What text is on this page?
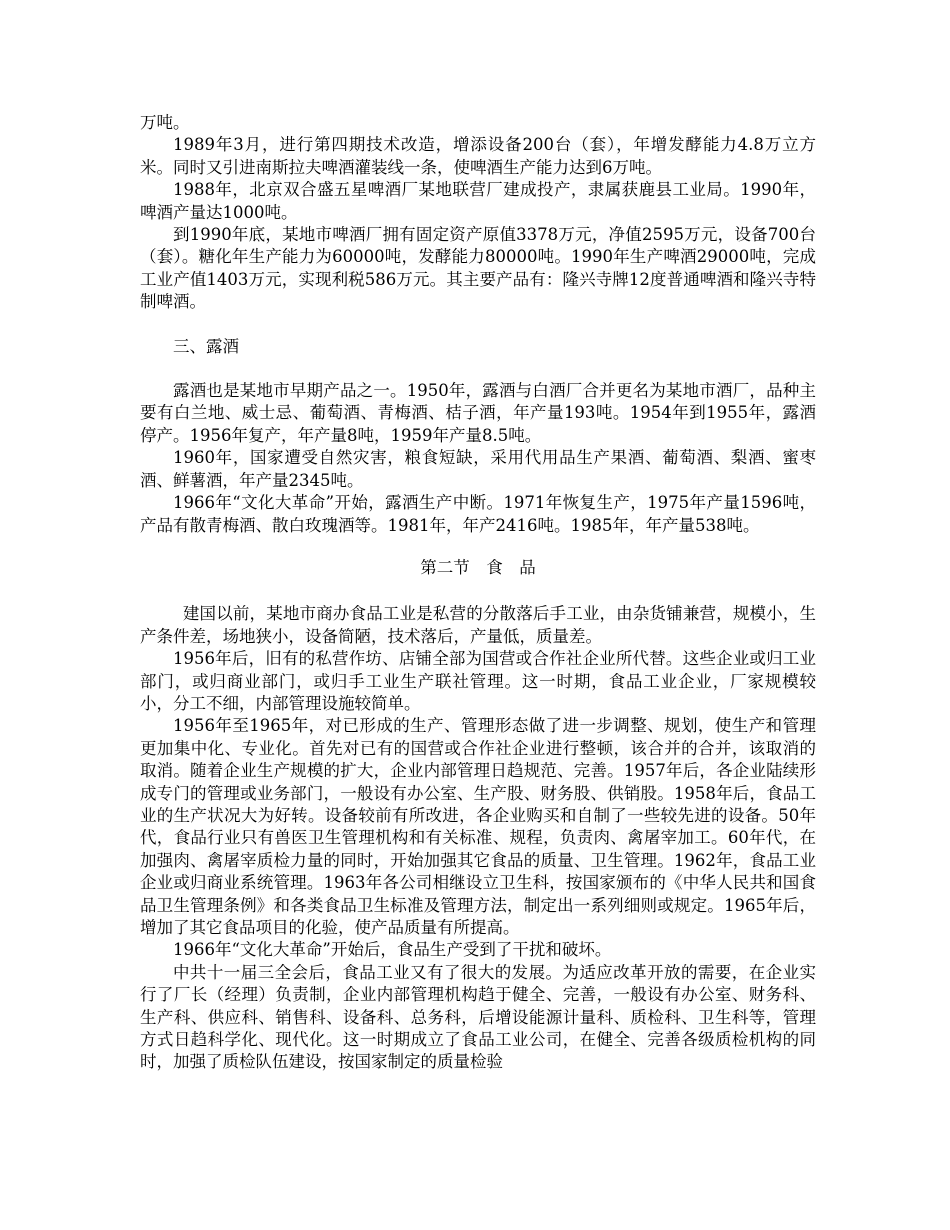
万吨。

1989年3月，进行第四期技术改造，增添设备200台（套），年增发酵能力4.8万立方米。同时又引进南斯拉夫啤酒灌装线一条，使啤酒生产能力达到6万吨。

1988年，北京双合盛五星啤酒厂某地联营厂建成投产，隶属获鹿县工业局。1990年，啤酒产量达1000吨。

到1990年底，某地市啤酒厂拥有固定资产原值3378万元，净值2595万元，设备700台（套）。糖化年生产能力为60000吨，发酵能力80000吨。1990年生产啤酒29000吨，完成工业产值1403万元，实现利税586万元。其主要产品有：隆兴寺牌12度普通啤酒和隆兴寺特制啤酒。

三、露酒

露酒也是某地市早期产品之一。1950年，露酒与白酒厂合并更名为某地市酒厂，品种主要有白兰地、威士忌、葡萄酒、青梅酒、桔子酒，年产量193吨。1954年到1955年，露酒停产。1956年复产，年产量8吨，1959年产量8.5吨。

1960年，国家遭受自然灾害，粮食短缺，采用代用品生产果酒、葡萄酒、梨酒、蜜枣酒、鲜薯酒，年产量2345吨。

1966年“文化大革命”开始，露酒生产中断。1971年恢复生产，1975年产量1596吨，产品有散青梅酒、散白玫瑰酒等。1981年，年产2416吨。1985年，年产量538吨。

第二节　食　品

建国以前，某地市商办食品工业是私营的分散落后手工业，由杂货铺兼营，规模小，生产条件差，场地狭小，设备简陋，技术落后，产量低，质量差。

1956年后，旧有的私营作坊、店铺全部为国营或合作社企业所代替。这些企业或归工业部门，或归商业部门，或归手工业生产联社管理。这一时期，食品工业企业，厂家规模较小，分工不细，内部管理设施较简单。

1956年至1965年，对已形成的生产、管理形态做了进一步调整、规划，使生产和管理更加集中化、专业化。首先对已有的国营或合作社企业进行整顿，该合并的合并，该取消的取消。随着企业生产规模的扩大，企业内部管理日趋规范、完善。1957年后，各企业陆续形成专门的管理或业务部门，一般设有办公室、生产股、财务股、供销股。1958年后，食品工业的生产状况大为好转。设备较前有所改进，各企业购买和自制了一些较先进的设备。50年代，食品行业只有兽医卫生管理机构和有关标准、规程，负责肉、禽屠宰加工。60年代，在加强肉、禽屠宰质检力量的同时，开始加强其它食品的质量、卫生管理。1962年，食品工业企业或归商业系统管理。1963年各公司相继设立卫生科，按国家颁布的《中华人民共和国食品卫生管理条例》和各类食品卫生标准及管理方法，制定出一系列细则或规定。1965年后，增加了其它食品项目的化验，使产品质量有所提高。

1966年“文化大革命”开始后，食品生产受到了干扰和破坏。

中共十一届三全会后，食品工业又有了很大的发展。为适应改革开放的需要，在企业实行了厂长（经理）负责制，企业内部管理机构趋于健全、完善，一般设有办公室、财务科、生产科、供应科、销售科、设备科、总务科，后增设能源计量科、质检科、卫生科等，管理方式日趋科学化、现代化。这一时期成立了食品工业公司，在健全、完善各级质检机构的同时，加强了质检队伍建设，按国家制定的质量检验
